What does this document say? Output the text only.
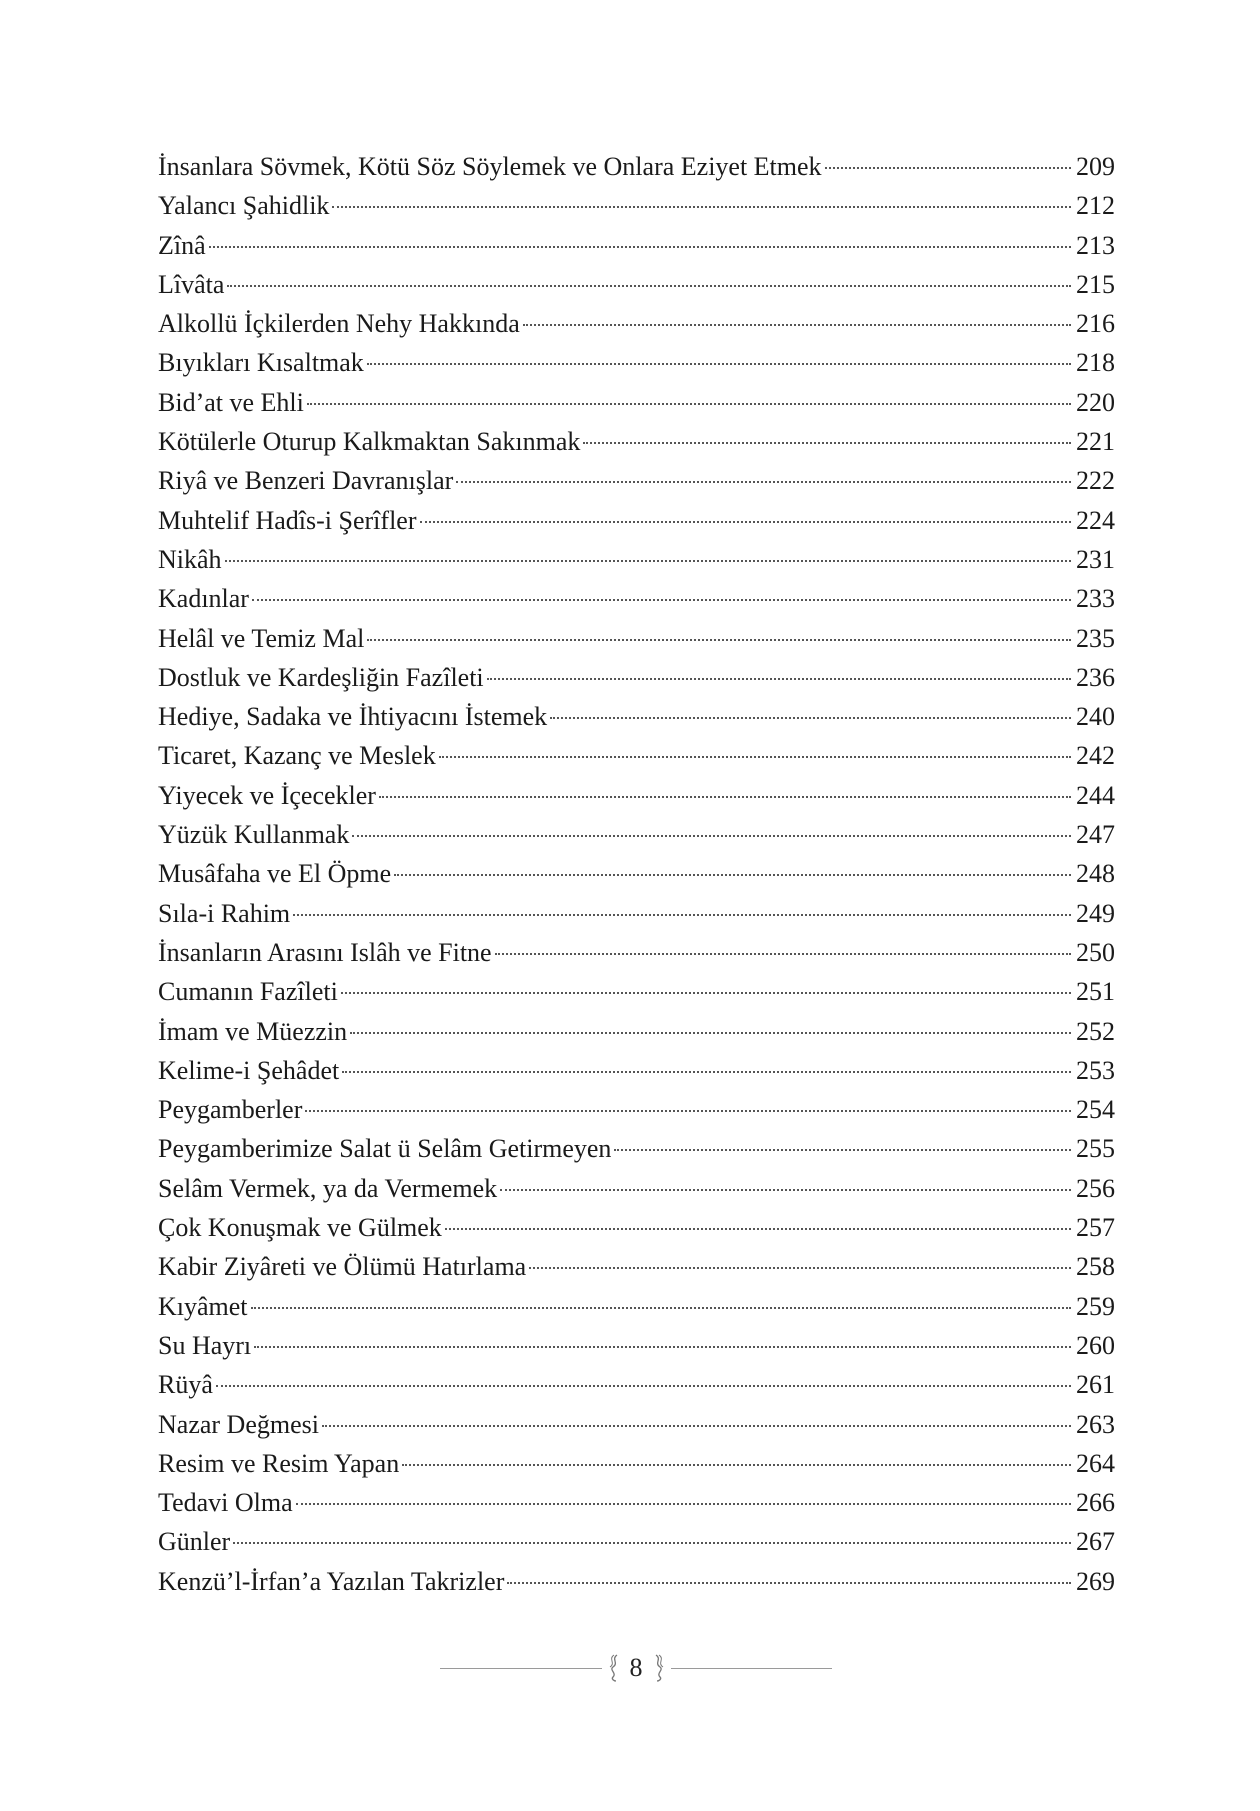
İnsanlara Sövmek, Kötü Söz Söylemek ve Onlara Eziyet Etmek	209
Yalancı Şahidlik	212
Zînâ	213
Lîvâta	215
Alkollü İçkilerden Nehy Hakkında	216
Bıyıkları Kısaltmak	218
Bid’at ve Ehli	220
Kötülerle Oturup Kalkmaktan Sakınmak	221
Riyâ ve Benzeri Davranışlar	222
Muhtelif Hadîs-i Şerîfler	224
Nikâh	231
Kadınlar	233
Helâl ve Temiz Mal	235
Dostluk ve Kardeşliğin Fazîleti	236
Hediye, Sadaka ve İhtiyacını İstemek	240
Ticaret, Kazanç ve Meslek	242
Yiyecek ve İçecekler	244
Yüzük Kullanmak	247
Musâfaha ve El Öpme	248
Sıla-i Rahim	249
İnsanların Arasını Islâh ve Fitne	250
Cumanın Fazîleti	251
İmam ve Müezzin	252
Kelime-i Şehâdet	253
Peygamberler	254
Peygamberimize Salat ü Selâm Getirmeyen	255
Selâm Vermek, ya da Vermemek	256
Çok Konuşmak ve Gülmek	257
Kabir Ziyâreti ve Ölümü Hatırlama	258
Kıyâmet	259
Su Hayrı	260
Rüyâ	261
Nazar Değmesi	263
Resim ve Resim Yapan	264
Tedavi Olma	266
Günler	267
Kenzü’l-İrfan’a Yazılan Takrizler	269
8
